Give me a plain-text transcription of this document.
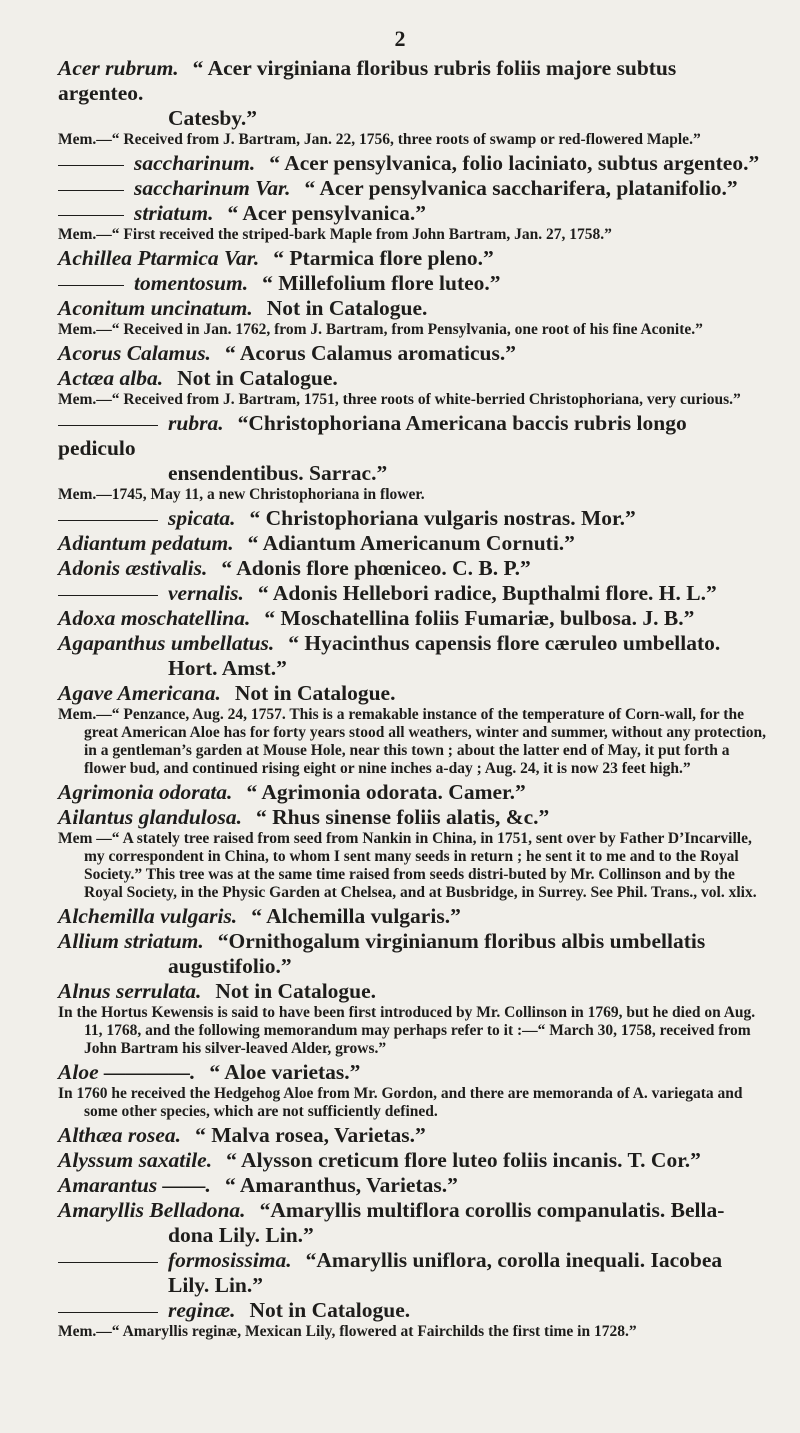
2
Acer rubrum. “ Acer virginiana floribus rubris foliis majore subtus argenteo.
Catesby.”
Mem.—“ Received from J. Bartram, Jan. 22, 1756, three roots of swamp or red-flowered Maple.”
saccharinum. “ Acer pensylvanica, folio laciniato, subtus argenteo.”
saccharinum Var. “ Acer pensylvanica saccharifera, platanifolio.”
striatum. “ Acer pensylvanica.”
Mem.—“ First received the striped-bark Maple from John Bartram, Jan. 27, 1758.”
Achillea Ptarmica Var. “ Ptarmica flore pleno.”
tomentosum. “ Millefolium flore luteo.”
Aconitum uncinatum. Not in Catalogue.
Mem.—“ Received in Jan. 1762, from J. Bartram, from Pensylvania, one root of his fine Aconite.”
Acorus Calamus. “ Acorus Calamus aromaticus.”
Actæa alba. Not in Catalogue.
Mem.—“ Received from J. Bartram, 1751, three roots of white-berried Christophoriana, very curious.”
rubra. “Christophoriana Americana baccis rubris longo pediculo
ensendentibus. Sarrac.”
Mem.—1745, May 11, a new Christophoriana in flower.
spicata. “ Christophoriana vulgaris nostras. Mor.”
Adiantum pedatum. “ Adiantum Americanum Cornuti.”
Adonis æstivalis. “ Adonis flore phœniceo. C. B. P.”
vernalis. “ Adonis Hellebori radice, Bupthalmi flore. H. L.”
Adoxa moschatellina. “ Moschatellina foliis Fumariæ, bulbosa. J. B.”
Agapanthus umbellatus. “ Hyacinthus capensis flore cæruleo umbellato.
Hort. Amst.”
Agave Americana. Not in Catalogue.
Mem.—“ Penzance, Aug. 24, 1757. This is a remakable instance of the temperature of Corn-wall, for the great American Aloe has for forty years stood all weathers, winter and summer, without any protection, in a gentleman’s garden at Mouse Hole, near this town ; about the latter end of May, it put forth a flower bud, and continued rising eight or nine inches a-day ; Aug. 24, it is now 23 feet high.”
Agrimonia odorata. “ Agrimonia odorata. Camer.”
Ailantus glandulosa. “ Rhus sinense foliis alatis, &c.”
Mem —“ A stately tree raised from seed from Nankin in China, in 1751, sent over by Father D’Incarville, my correspondent in China, to whom I sent many seeds in return ; he sent it to me and to the Royal Society.” This tree was at the same time raised from seeds distri-buted by Mr. Collinson and by the Royal Society, in the Physic Garden at Chelsea, and at Busbridge, in Surrey. See Phil. Trans., vol. xlix.
Alchemilla vulgaris. “ Alchemilla vulgaris.”
Allium striatum. “Ornithogalum virginianum floribus albis umbellatis
augustifolio.”
Alnus serrulata. Not in Catalogue.
In the Hortus Kewensis is said to have been first introduced by Mr. Collinson in 1769, but he died on Aug. 11, 1768, and the following memorandum may perhaps refer to it :—“ March 30, 1758, received from John Bartram his silver-leaved Alder, grows.”
Aloe ————. “ Aloe varietas.”
In 1760 he received the Hedgehog Aloe from Mr. Gordon, and there are memoranda of A. variegata and some other species, which are not sufficiently defined.
Althæa rosea. “ Malva rosea, Varietas.”
Alyssum saxatile. “ Alysson creticum flore luteo foliis incanis. T. Cor.”
Amarantus ——. “ Amaranthus, Varietas.”
Amaryllis Belladona. “Amaryllis multiflora corollis companulatis. Bella-
dona Lily. Lin.”
formosissima. “Amaryllis uniflora, corolla inequali. Iacobea
Lily. Lin.”
reginæ. Not in Catalogue.
Mem.—“ Amaryllis reginæ, Mexican Lily, flowered at Fairchilds the first time in 1728.”
